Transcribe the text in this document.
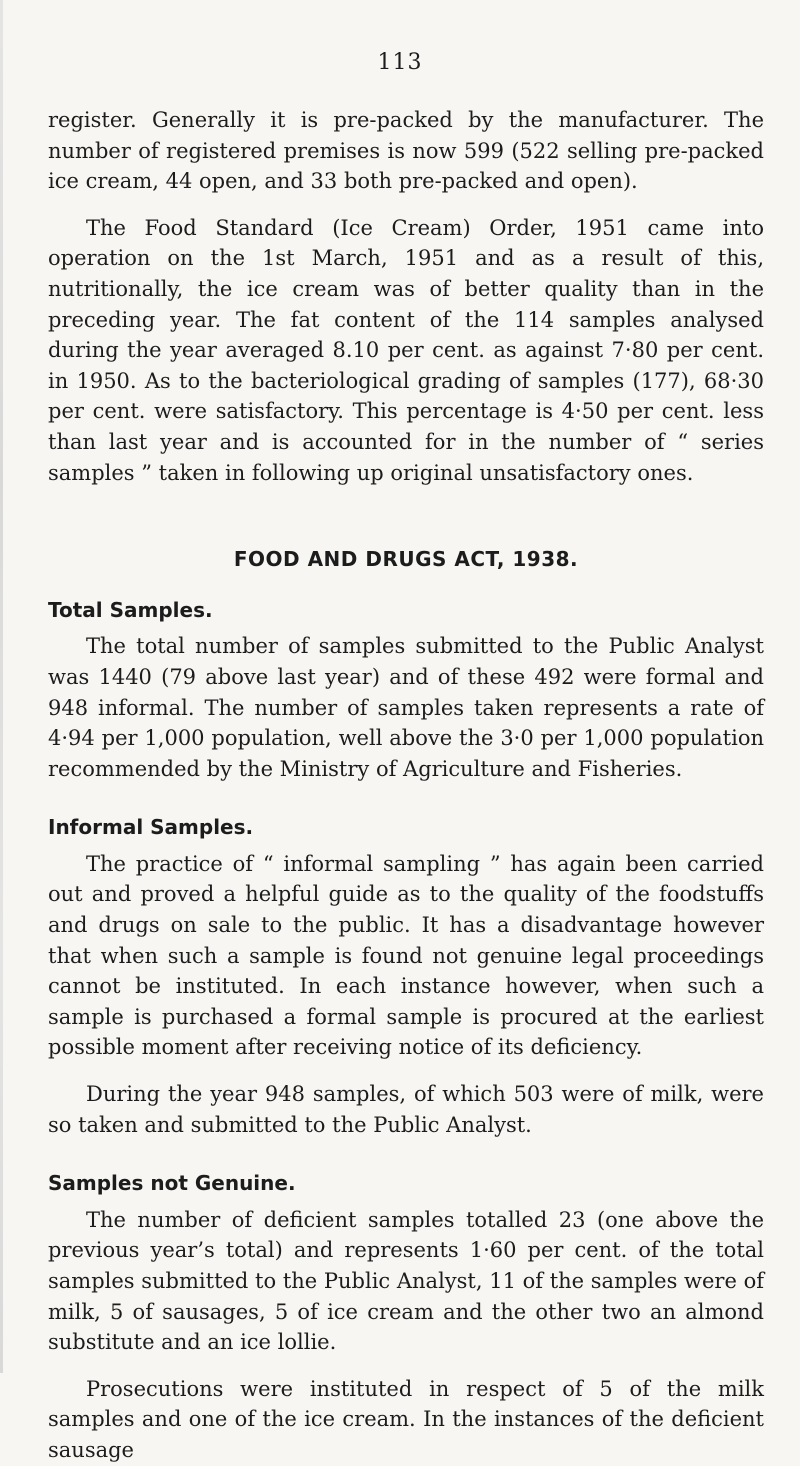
113

register. Generally it is pre-packed by the manufacturer. The number of registered premises is now 599 (522 selling pre-packed ice cream, 44 open, and 33 both pre-packed and open).

The Food Standard (Ice Cream) Order, 1951 came into operation on the 1st March, 1951 and as a result of this, nutritionally, the ice cream was of better quality than in the preceding year. The fat content of the 114 samples analysed during the year averaged 8.10 per cent. as against 7·80 per cent. in 1950. As to the bacteriological grading of samples (177), 68·30 per cent. were satisfactory. This percentage is 4·50 per cent. less than last year and is accounted for in the number of “ series samples ” taken in following up original unsatisfactory ones.

FOOD AND DRUGS ACT, 1938.
Total Samples.

The total number of samples submitted to the Public Analyst was 1440 (79 above last year) and of these 492 were formal and 948 informal. The number of samples taken represents a rate of 4·94 per 1,000 population, well above the 3·0 per 1,000 population recommended by the Ministry of Agriculture and Fisheries.

Informal Samples.

The practice of “ informal sampling ” has again been carried out and proved a helpful guide as to the quality of the foodstuffs and drugs on sale to the public. It has a disadvantage however that when such a sample is found not genuine legal proceedings cannot be instituted. In each instance however, when such a sample is purchased a formal sample is procured at the earliest possible moment after receiving notice of its deficiency.

During the year 948 samples, of which 503 were of milk, were so taken and submitted to the Public Analyst.

Samples not Genuine.

The number of deficient samples totalled 23 (one above the previous year’s total) and represents 1·60 per cent. of the total samples submitted to the Public Analyst, 11 of the samples were of milk, 5 of sausages, 5 of ice cream and the other two an almond substitute and an ice lollie.

Prosecutions were instituted in respect of 5 of the milk samples and one of the ice cream. In the instances of the deficient sausage
